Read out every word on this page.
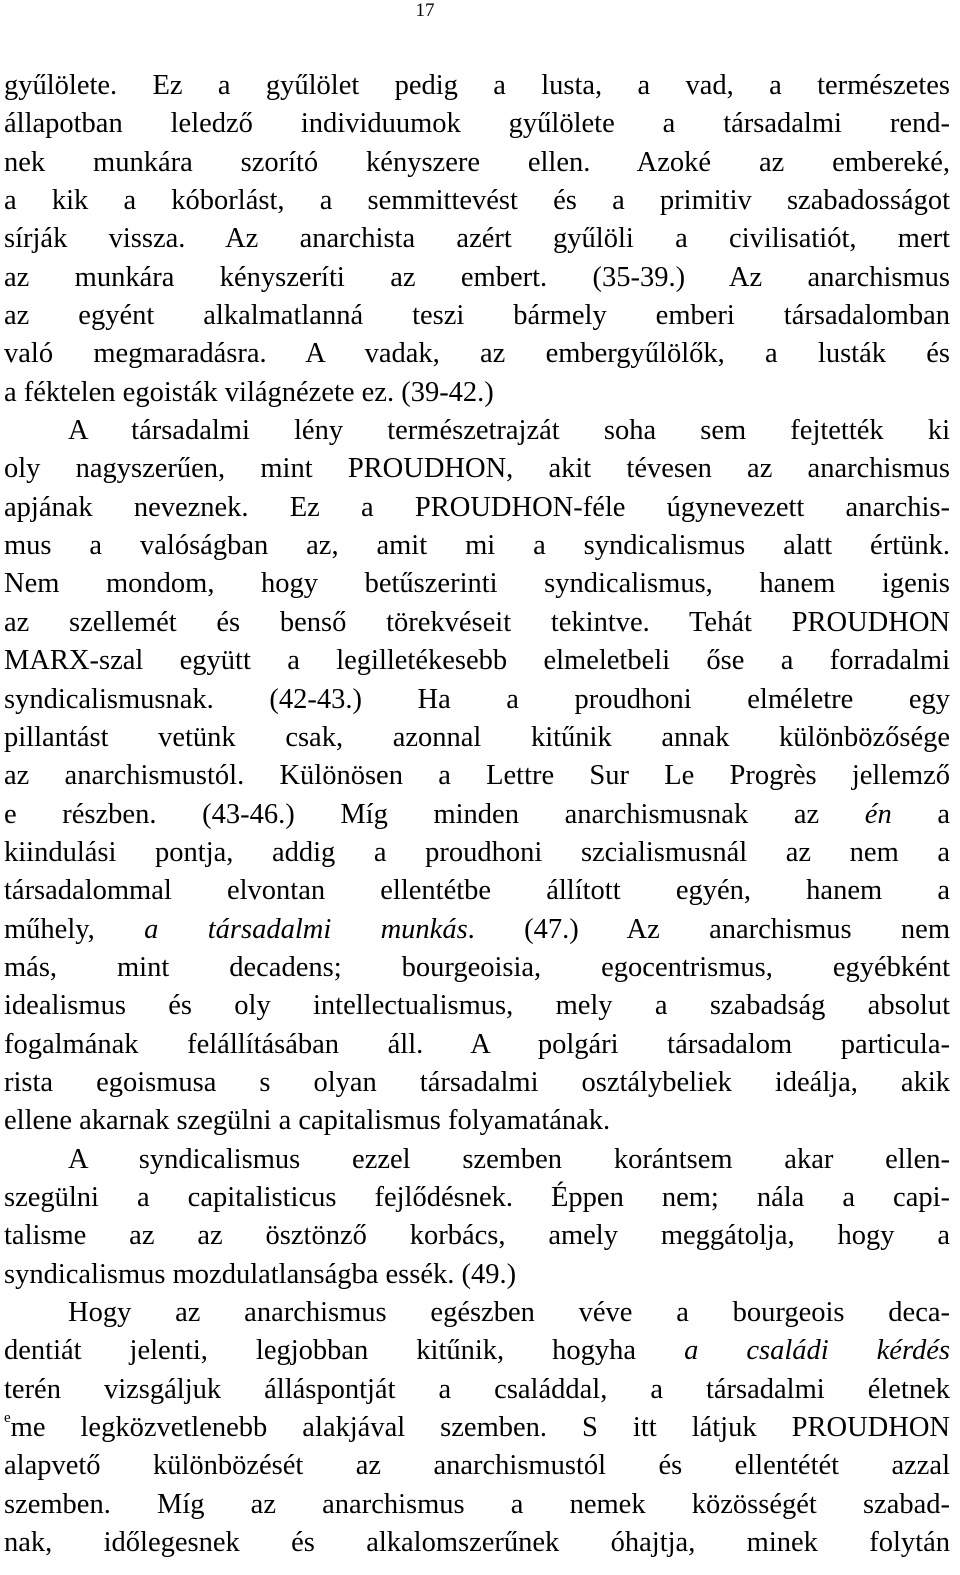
17
gyűlölete. Ez a gyűlölet pedig a lusta, a vad, a természetes
állapotban leledző individuumok gyűlölete a társadalmi rend-
nek munkára szorító kényszere ellen. Azoké az embereké,
a kik a kóborlást, a semmittevést és a primitiv szabadosságot
sírják vissza. Az anarchista azért gyűlöli a civilisatiót, mert
az munkára kényszeríti az embert. (35-39.) Az anarchismus
az egyént alkalmatlanná teszi bármely emberi társadalomban
való megmaradásra. A vadak, az embergyűlölők, a lusták és
a féktelen egoisták világnézete ez. (39-42.)
A társadalmi lény természetrajzát soha sem fejtették ki
oly nagyszerűen, mint PROUDHON, akit tévesen az anarchismus
apjának neveznek. Ez a PROUDHON-féle úgynevezett anarchis-
mus a valóságban az, amit mi a syndicalismus alatt értünk.
Nem mondom, hogy betűszerinti syndicalismus, hanem igenis
az szellemét és benső törekvéseit tekintve. Tehát PROUDHON
MARX-szal együtt a legilletékesebb elmeletbeli őse a forradalmi
syndicalismusnak. (42-43.) Ha a proudhoni elméletre egy
pillantást vetünk csak, azonnal kitűnik annak különbözősége
az anarchismustól. Különösen a Lettre Sur Le Progrès jellemző
e részben. (43-46.) Míg minden anarchismusnak az én a
kiindulási pontja, addig a proudhoni szcialismusnál az nem a
társadalommal elvontan ellentétbe állított egyén, hanem a
műhely, a társadalmi munkás. (47.) Az anarchismus nem
más, mint decadens; bourgeoisia, egocentrismus, egyébként
idealismus és oly intellectualismus, mely a szabadság absolut
fogalmának felállításában áll. A polgári társadalom particula-
rista egoismusa s olyan társadalmi osztálybeliek ideálja, akik
ellene akarnak szegülni a capitalismus folyamatának.
A syndicalismus ezzel szemben korántsem akar ellen-
szegülni a capitalisticus fejlődésnek. Éppen nem; nála a capi-
talisme az az ösztönző korbács, amely meggátolja, hogy a
syndicalismus mozdulatlanságba essék. (49.)
Hogy az anarchismus egészben véve a bourgeois deca-
dentiát jelenti, legjobban kitűnik, hogyha a családi kérdés
terén vizsgáljuk álláspontját a családdal, a társadalmi életnek
$^e$me legközvetlenebb alakjával szemben. S itt látjuk PROUDHON
alapvető különbözését az anarchismustól és ellentétét azzal
szemben. Míg az anarchismus a nemek közösségét szabad-
nak, időlegesnek és alkalomszerűnek óhajtja, minek folytán
